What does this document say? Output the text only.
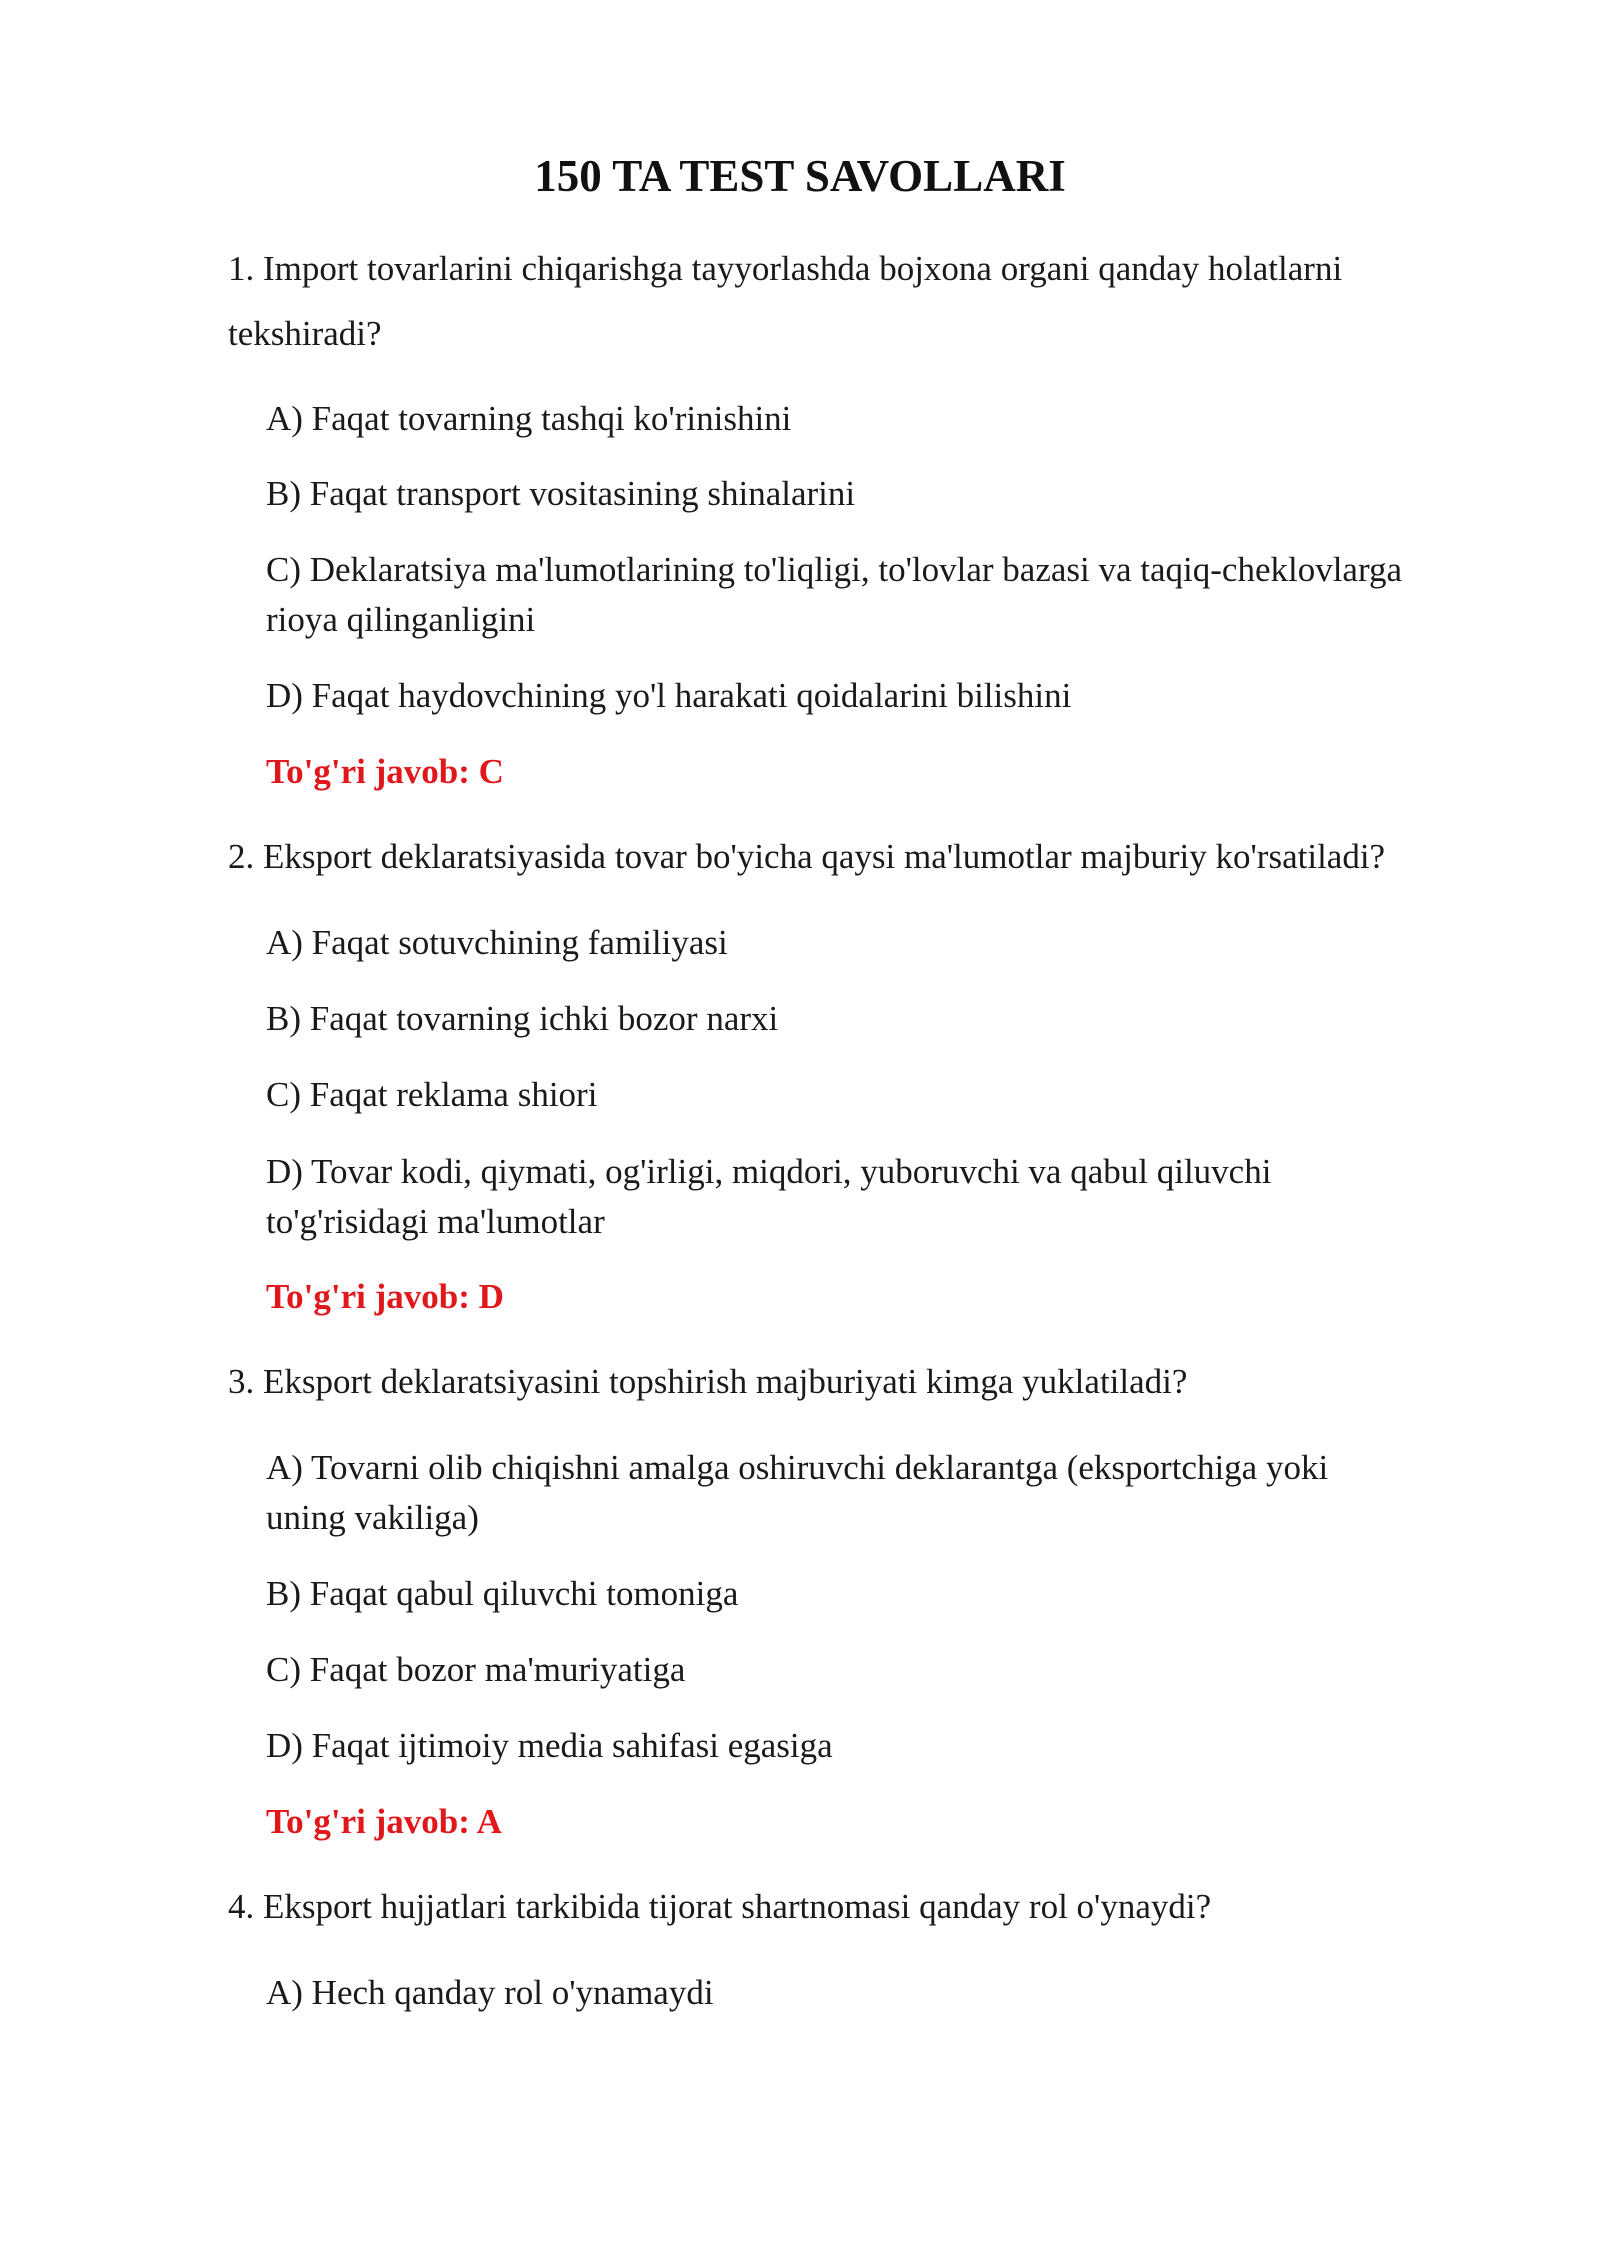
150 TA TEST SAVOLLARI
1. Import tovarlarini chiqarishga tayyorlashda bojxona organi qanday holatlarni tekshiradi?
A) Faqat tovarning tashqi ko'rinishini
B) Faqat transport vositasining shinalarini
C) Deklaratsiya ma'lumotlarining to'liqligi, to'lovlar bazasi va taqiq-cheklovlarga rioya qilinganligini
D) Faqat haydovchining yo'l harakati qoidalarini bilishini
To'g'ri javob: C
2. Eksport deklaratsiyasida tovar bo'yicha qaysi ma'lumotlar majburiy ko'rsatiladi?
A) Faqat sotuvchining familiyasi
B) Faqat tovarning ichki bozor narxi
C) Faqat reklama shiori
D) Tovar kodi, qiymati, og'irligi, miqdori, yuboruvchi va qabul qiluvchi to'g'risidagi ma'lumotlar
To'g'ri javob: D
3. Eksport deklaratsiyasini topshirish majburiyati kimga yuklatiladi?
A) Tovarni olib chiqishni amalga oshiruvchi deklarantga (eksportchiga yoki uning vakiliga)
B) Faqat qabul qiluvchi tomoniga
C) Faqat bozor ma'muriyatiga
D) Faqat ijtimoiy media sahifasi egasiga
To'g'ri javob: A
4. Eksport hujjatlari tarkibida tijorat shartnomasi qanday rol o'ynaydi?
A) Hech qanday rol o'ynamaydi
